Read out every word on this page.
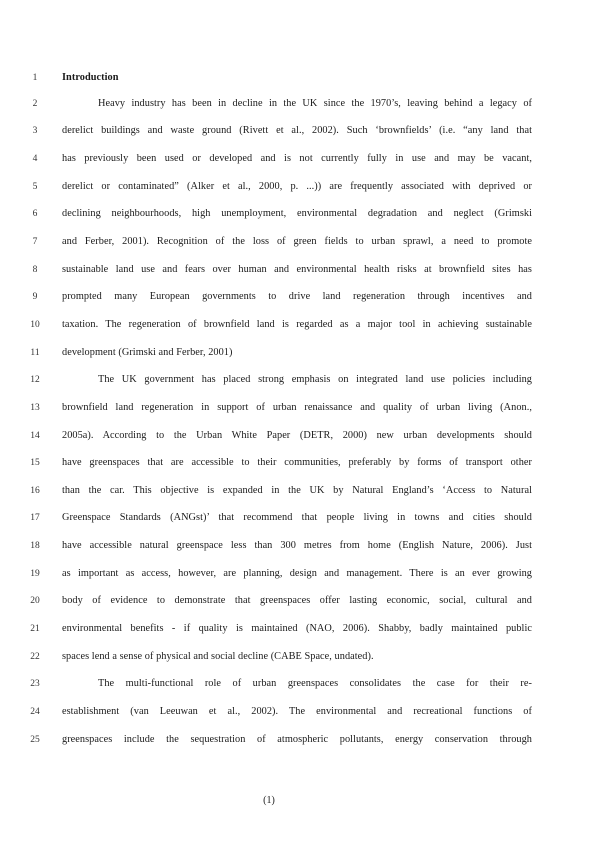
1	Introduction
2	Heavy industry has been in decline in the UK since the 1970’s, leaving behind a legacy of
3	derelict buildings and waste ground (Rivett et al., 2002). Such ‘brownfields’ (i.e. “any land that
4	has previously been used or developed and is not currently fully in use and may be vacant,
5	derelict or contaminated” (Alker et al., 2000, p. ...)) are frequently associated with deprived or
6	declining neighbourhoods, high unemployment, environmental degradation and neglect (Grimski
7	and Ferber, 2001). Recognition of the loss of green fields to urban sprawl, a need to promote
8	sustainable land use and fears over human and environmental health risks at brownfield sites has
9	prompted many European governments to drive land regeneration through incentives and
10	taxation. The regeneration of brownfield land is regarded as a major tool in achieving sustainable
11	development (Grimski and Ferber, 2001)
12	The UK government has placed strong emphasis on integrated land use policies including
13	brownfield land regeneration in support of urban renaissance and quality of urban living (Anon.,
14	2005a). According to the Urban White Paper (DETR, 2000) new urban developments should
15	have greenspaces that are accessible to their communities, preferably by forms of transport other
16	than the car. This objective is expanded in the UK by Natural England’s ‘Access to Natural
17	Greenspace Standards (ANGst)’ that recommend that people living in towns and cities should
18	have accessible natural greenspace less than 300 metres from home (English Nature, 2006). Just
19	as important as access, however, are planning, design and management. There is an ever growing
20	body of evidence to demonstrate that greenspaces offer lasting economic, social, cultural and
21	environmental benefits - if quality is maintained (NAO, 2006). Shabby, badly maintained public
22	spaces lend a sense of physical and social decline (CABE Space, undated).
23	The multi-functional role of urban greenspaces consolidates the case for their re-
24	establishment (van Leeuwan et al., 2002). The environmental and recreational functions of
25	greenspaces include the sequestration of atmospheric pollutants, energy conservation through
(1)
